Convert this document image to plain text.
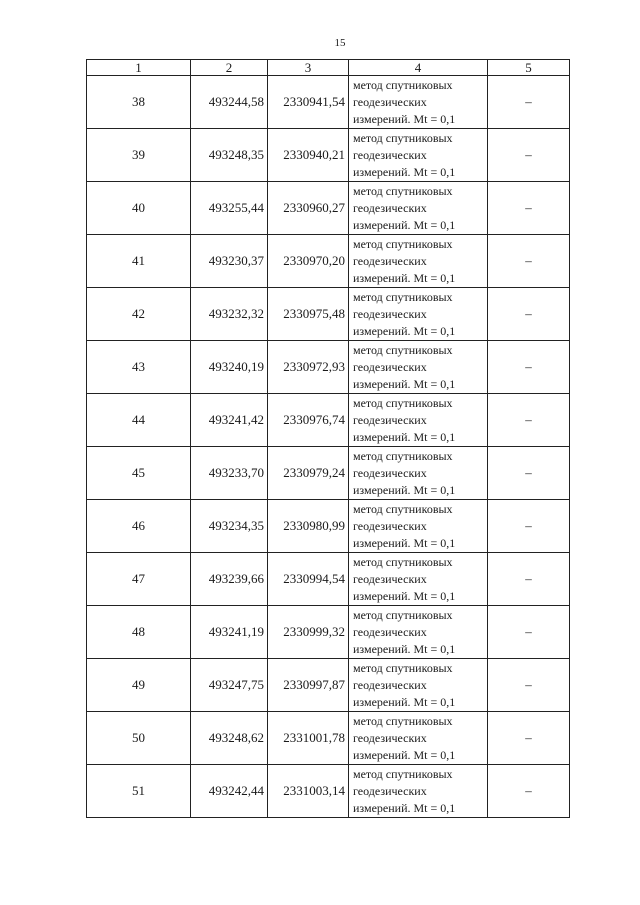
15
1	2	3	4	5
38	493244,58	2330941,54	метод спутниковых
геодезических
измерений. Mt = 0,1	–
39	493248,35	2330940,21	метод спутниковых
геодезических
измерений. Mt = 0,1	–
40	493255,44	2330960,27	метод спутниковых
геодезических
измерений. Mt = 0,1	–
41	493230,37	2330970,20	метод спутниковых
геодезических
измерений. Mt = 0,1	–
42	493232,32	2330975,48	метод спутниковых
геодезических
измерений. Mt = 0,1	–
43	493240,19	2330972,93	метод спутниковых
геодезических
измерений. Mt = 0,1	–
44	493241,42	2330976,74	метод спутниковых
геодезических
измерений. Mt = 0,1	–
45	493233,70	2330979,24	метод спутниковых
геодезических
измерений. Mt = 0,1	–
46	493234,35	2330980,99	метод спутниковых
геодезических
измерений. Mt = 0,1	–
47	493239,66	2330994,54	метод спутниковых
геодезических
измерений. Mt = 0,1	–
48	493241,19	2330999,32	метод спутниковых
геодезических
измерений. Mt = 0,1	–
49	493247,75	2330997,87	метод спутниковых
геодезических
измерений. Mt = 0,1	–
50	493248,62	2331001,78	метод спутниковых
геодезических
измерений. Mt = 0,1	–
51	493242,44	2331003,14	метод спутниковых
геодезических
измерений. Mt = 0,1	–
